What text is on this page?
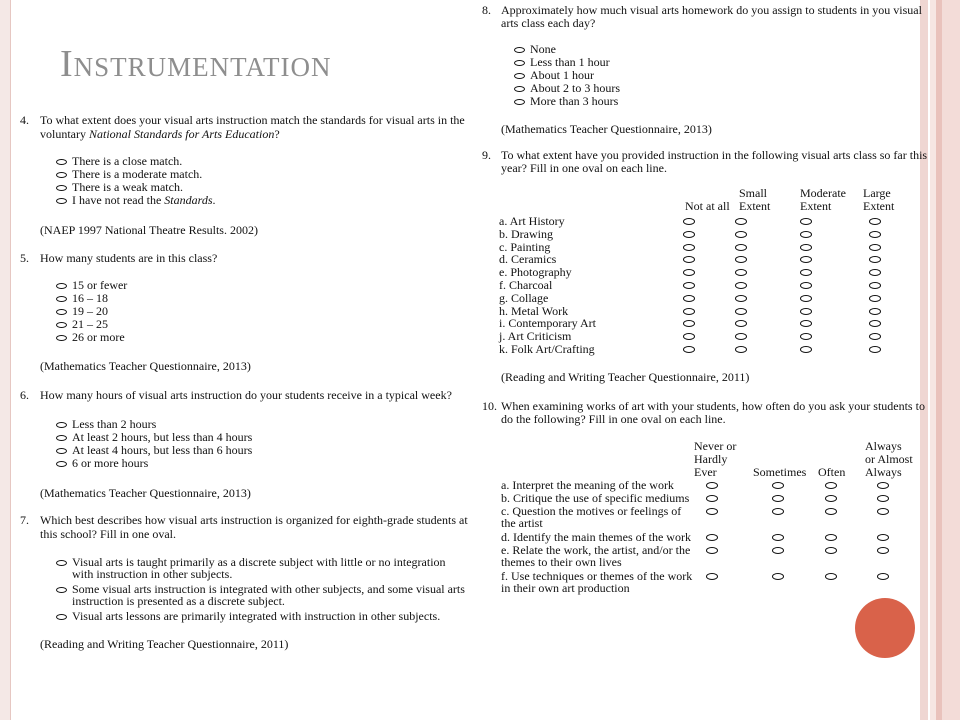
Instrumentation
4. To what extent does your visual arts instruction match the standards for visual arts in the
voluntary National Standards for Arts Education?
There is a close match.
There is a moderate match.
There is a weak match.
I have not read the Standards.
(NAEP 1997 National Theatre Results. 2002)
5. How many students are in this class?
15 or fewer
16 – 18
19 – 20
21 – 25
26 or more
(Mathematics Teacher Questionnaire, 2013)
6. How many hours of visual arts instruction do your students receive in a typical week?
Less than 2 hours
At least 2 hours, but less than 4 hours
At least 4 hours, but less than 6 hours
6 or more hours
(Mathematics Teacher Questionnaire, 2013)
7. Which best describes how visual arts instruction is organized for eighth-grade students at
this school? Fill in one oval.
Visual arts is taught primarily as a discrete subject with little or no integration
with instruction in other subjects.
Some visual arts instruction is integrated with other subjects, and some visual arts
instruction is presented as a discrete subject.
Visual arts lessons are primarily integrated with instruction in other subjects.
(Reading and Writing Teacher Questionnaire, 2011)
8. Approximately how much visual arts homework do you assign to students in you visual
arts class each day?
None
Less than 1 hour
About 1 hour
About 2 to 3 hours
More than 3 hours
(Mathematics Teacher Questionnaire, 2013)
9. To what extent have you provided instruction in the following visual arts class so far this
year? Fill in one oval on each line.
Not at all
Small
Extent
Moderate
Extent
Large
Extent
a. Art History
b. Drawing
c. Painting
d. Ceramics
e. Photography
f. Charcoal
g. Collage
h. Metal Work
i. Contemporary Art
j. Art Criticism
k. Folk Art/Crafting
(Reading and Writing Teacher Questionnaire, 2011)
10. When examining works of art with your students, how often do you ask your students to
do the following? Fill in one oval on each line.
Never or
Hardly
Ever	Sometimes Often
Always
or Almost
Always
a. Interpret the meaning of the work
b. Critique the use of specific mediums
c. Question the motives or feelings of
the artist
d. Identify the main themes of the work
e. Relate the work, the artist, and/or the
themes to their own lives
f. Use techniques or themes of the work
in their own art production
